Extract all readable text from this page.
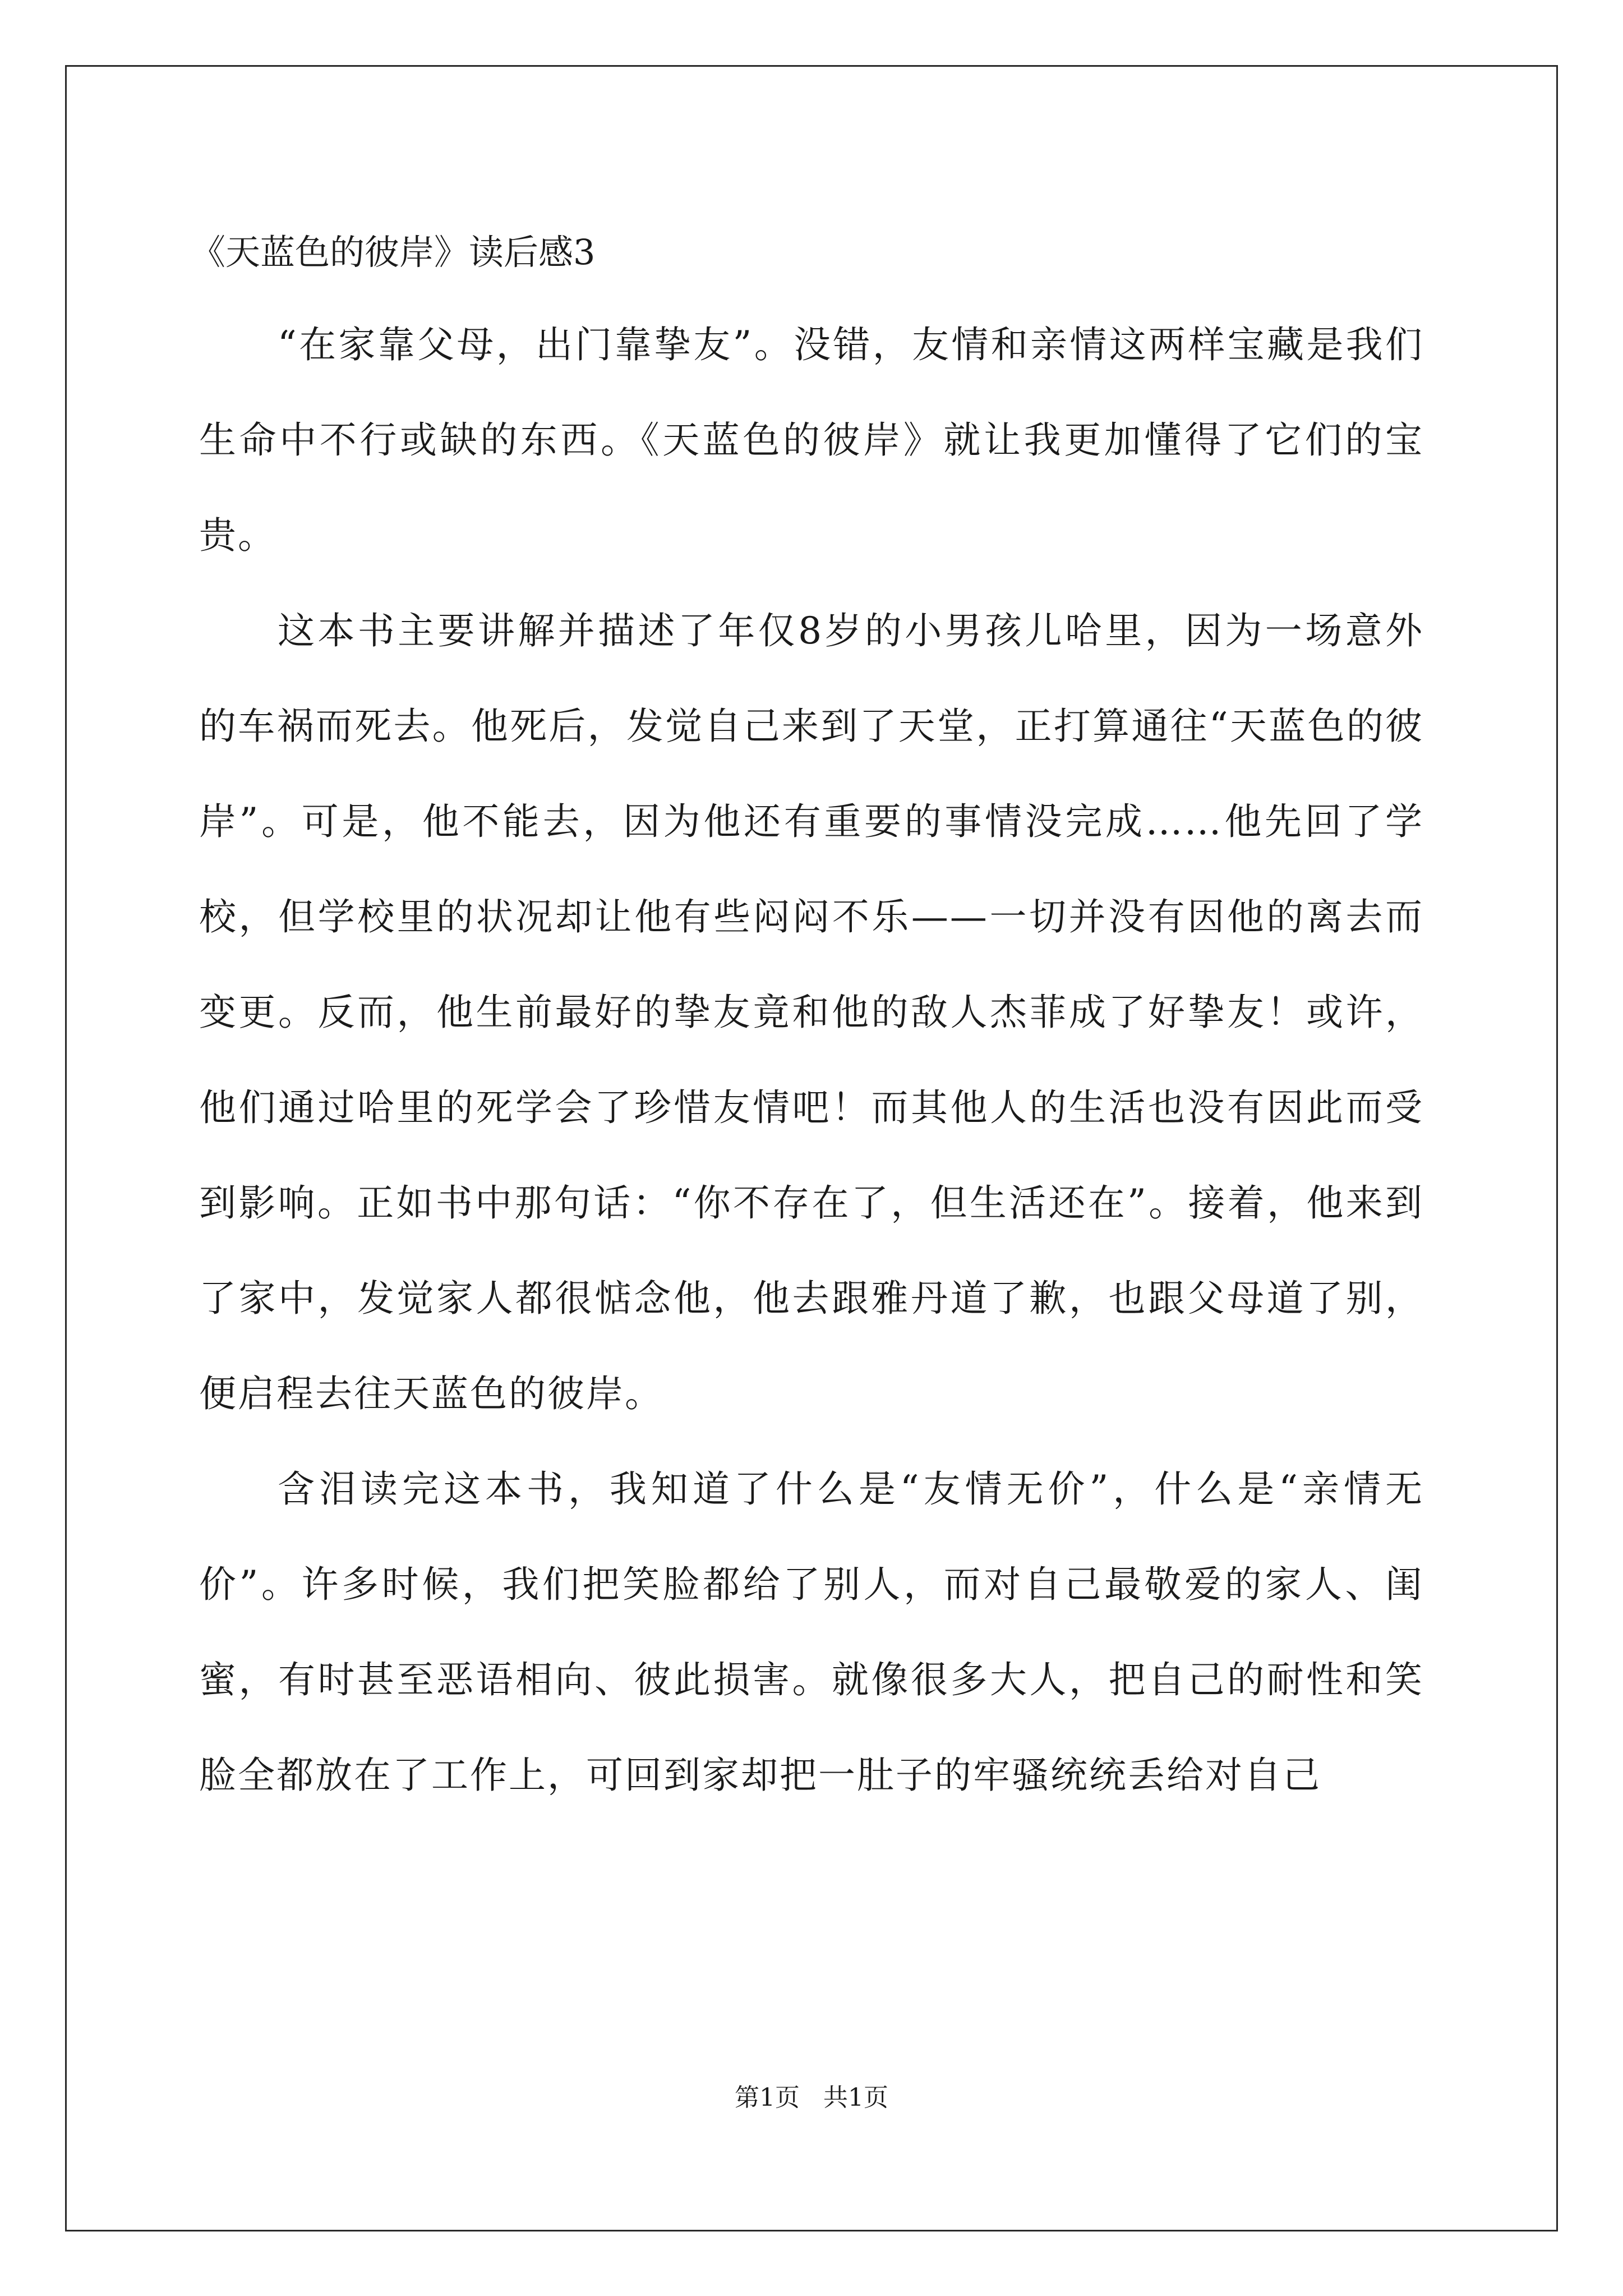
《天蓝色的彼岸》读后感3

“在家靠父母，出门靠挚友”。没错，友情和亲情这两样宝藏是我们生命中不行或缺的东西。《天蓝色的彼岸》就让我更加懂得了它们的宝贵。

这本书主要讲解并描述了年仅8岁的小男孩儿哈里，因为一场意外的车祸而死去。他死后，发觉自己来到了天堂，正打算通往“天蓝色的彼岸”。可是，他不能去，因为他还有重要的事情没完成……他先回了学校，但学校里的状况却让他有些闷闷不乐——一切并没有因他的离去而变更。反而，他生前最好的挚友竟和他的敌人杰菲成了好挚友！或许，他们通过哈里的死学会了珍惜友情吧！而其他人的生活也没有因此而受到影响。正如书中那句话：“你不存在了，但生活还在”。接着，他来到了家中，发觉家人都很惦念他，他去跟雅丹道了歉，也跟父母道了别，便启程去往天蓝色的彼岸。

含泪读完这本书，我知道了什么是“友情无价”，什么是“亲情无价”。许多时候，我们把笑脸都给了别人，而对自己最敬爱的家人、闺蜜，有时甚至恶语相向、彼此损害。就像很多大人，把自己的耐性和笑脸全都放在了工作上，可回到家却把一肚子的牢骚统统丢给对自己

第1页   共1页
